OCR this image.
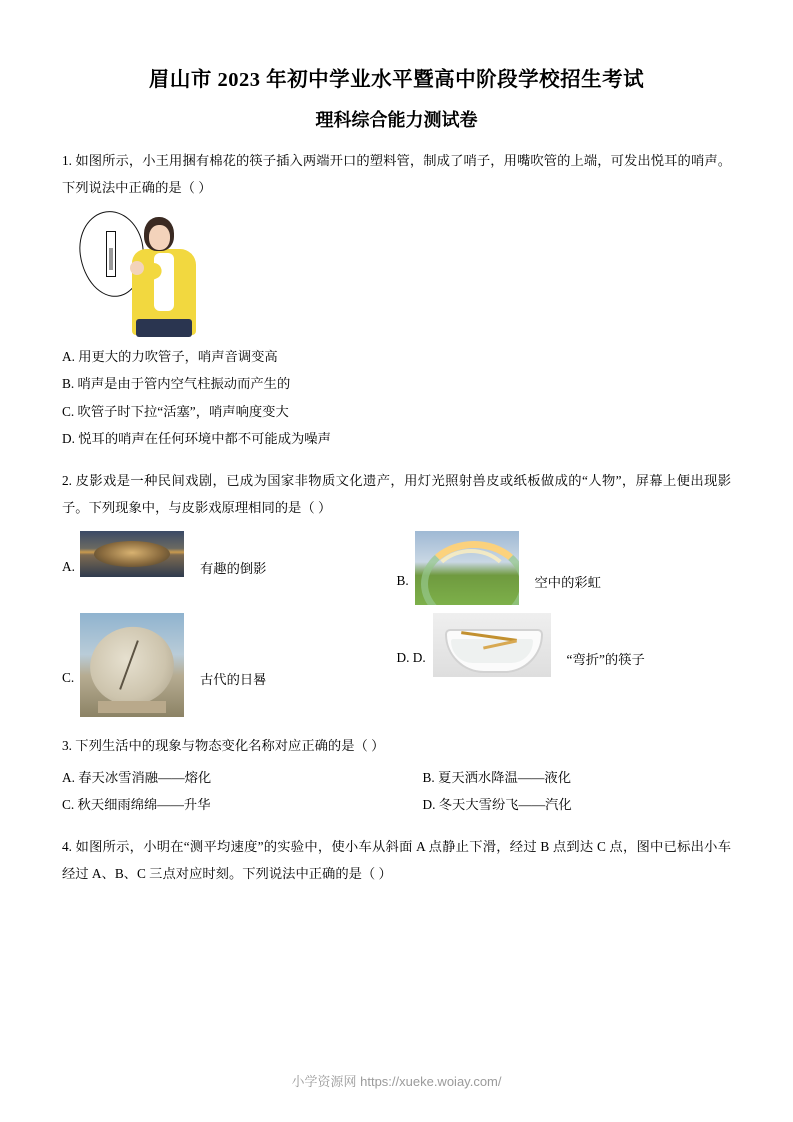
眉山市 2023 年初中学业水平暨高中阶段学校招生考试
理科综合能力测试卷
1. 如图所示，小王用捆有棉花的筷子插入两端开口的塑料管，制成了哨子，用嘴吹管的上端，可发出悦耳的哨声。下列说法中正确的是（ ）
A. 用更大的力吹管子，哨声音调变高
B. 哨声是由于管内空气柱振动而产生的
C. 吹管子时下拉“活塞”，哨声响度变大
D. 悦耳的哨声在任何环境中都不可能成为噪声
2. 皮影戏是一种民间戏剧，已成为国家非物质文化遗产，用灯光照射兽皮或纸板做成的“人物”，屏幕上便出现影子。下列现象中，与皮影戏原理相同的是（ ）
A.	有趣的倒影
B.	空中的彩虹
C.	古代的日晷
D. D.	“弯折”的筷子
3. 下列生活中的现象与物态变化名称对应正确的是（ ）
A. 春天冰雪消融——熔化	B. 夏天洒水降温——液化
C. 秋天细雨绵绵——升华	D. 冬天大雪纷飞——汽化
4. 如图所示，小明在“测平均速度”的实验中，使小车从斜面 A 点静止下滑，经过 B 点到达 C 点，图中已标出小车经过 A、B、C 三点对应时刻。下列说法中正确的是（ ）
小学资源网 https://xueke.woiay.com/
